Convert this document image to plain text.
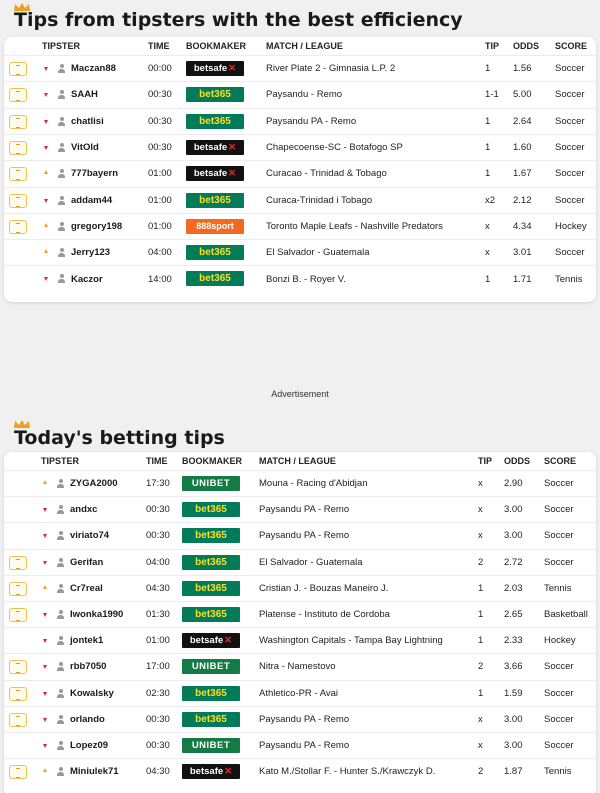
Tips from tipsters with the best efficiency
TIPSTER	TIME BOOKMAKER MATCH / LEAGUE	TIP ODDS SCORE
Maczan88	00:00 betsafe ✕	River Plate 2 - Gimnasia L.P. 2	1 1.56 Soccer
SAAH	00:30	bet365	Paysandu - Remo	1-1 5.00 Soccer
chatlisi	00:30	bet365	Paysandu PA - Remo	1 2.64 Soccer
VitOld	00:30 betsafe ✕	Chapecoense-SC - Botafogo SP	1 1.60 Soccer
777bayern	01:00 betsafe ✕	Curacao - Trinidad & Tobago	1 1.67 Soccer
addam44	01:00	bet365	Curaca-Trinidad i Tobago	x2 2.12 Soccer
gregory198	01:00	888sport	Toronto Maple Leafs - Nashville Predators	x 4.34 Hockey
Jerry123	04:00	bet365	El Salvador - Guatemala	x 3.01 Soccer
Kaczor	14:00	bet365	Bonzi B. - Royer V.	1 1.71 Tennis
Advertisement
Today's betting tips
TIPSTER	TIME BOOKMAKER MATCH / LEAGUE	TIP ODDS SCORE
ZYGA2000	17:30 UNIBET	Mouna - Racing d'Abidjan	x 2.90 Soccer
andxc	00:30	bet365	Paysandu PA - Remo	x 3.00 Soccer
viriato74	00:30	bet365	Paysandu PA - Remo	x 3.00 Soccer
Gerifan	04:00	bet365	El Salvador - Guatemala	2 2.72 Soccer
Cr7real	04:30	bet365	Cristian J. - Bouzas Maneiro J.	1 2.03 Tennis
Iwonka1990 01:30	bet365	Platense - Instituto de Cordoba	1 2.65 Basketball
jontek1	01:00 betsafe ✕	Washington Capitals - Tampa Bay Lightning	1 2.33 Hockey
rbb7050	17:00 UNIBET	Nitra - Namestovo	2 3.66 Soccer
Kowalsky	02:30	bet365	Athletico-PR - Avai	1 1.59 Soccer
orlando	00:30	bet365	Paysandu PA - Remo	x 3.00 Soccer
Lopez09	00:30 UNIBET	Paysandu PA - Remo	x 3.00 Soccer
Miniulek71	04:30 betsafe ✕	Kato M./Stollar F. - Hunter S./Krawczyk D.	2 1.87 Tennis
